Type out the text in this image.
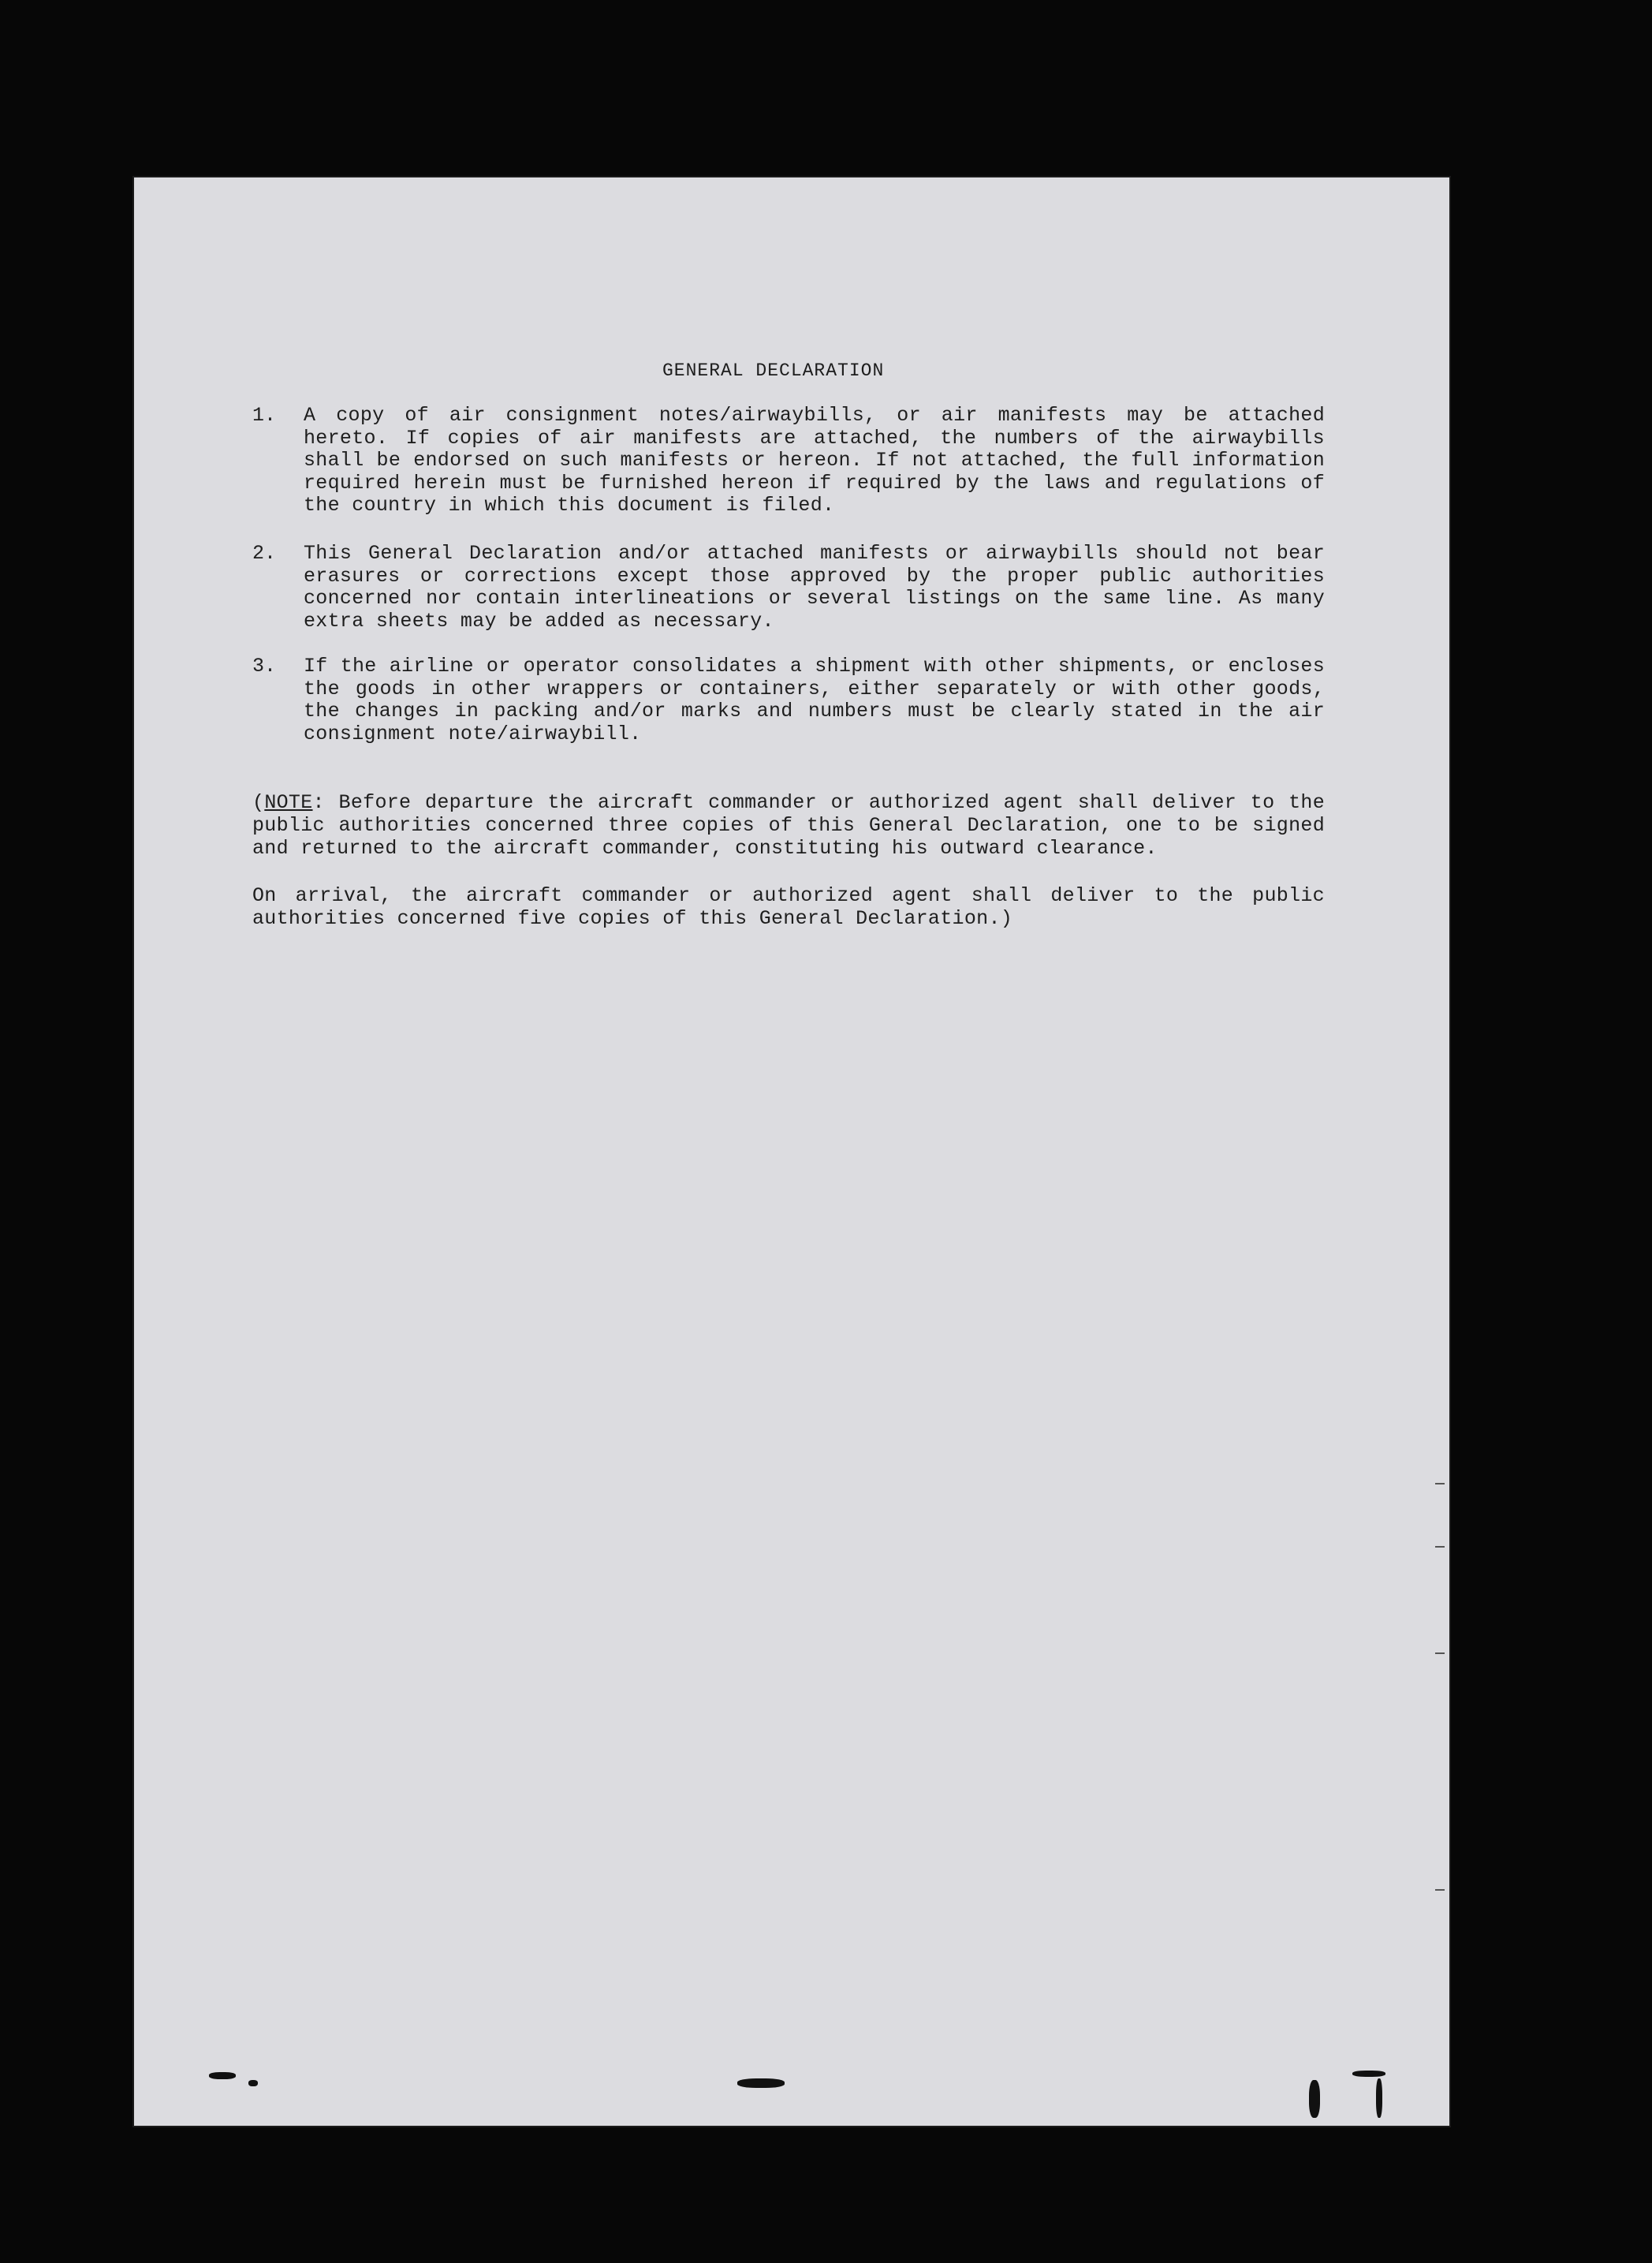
GENERAL DECLARATION
1.	A copy of air consignment notes/airwaybills, or air manifests may be attached hereto. If copies of air manifests are attached, the numbers of the airwaybills shall be endorsed on such manifests or hereon. If not attached, the full information required herein must be furnished hereon if required by the laws and regulations of the country in which this document is filed.
2.	This General Declaration and/or attached manifests or airwaybills should not bear erasures or corrections except those approved by the proper public authorities concerned nor contain interlineations or several listings on the same line. As many extra sheets may be added as necessary.
3.	If the airline or operator consolidates a shipment with other shipments, or encloses the goods in other wrappers or containers, either separately or with other goods, the changes in packing and/or marks and numbers must be clearly stated in the air consignment note/airwaybill.
(NOTE: Before departure the aircraft commander or authorized agent shall deliver to the public authorities concerned three copies of this General Declaration, one to be signed and returned to the aircraft commander, constituting his outward clearance.
On arrival, the aircraft commander or authorized agent shall deliver to the public authorities concerned five copies of this General Declaration.)
